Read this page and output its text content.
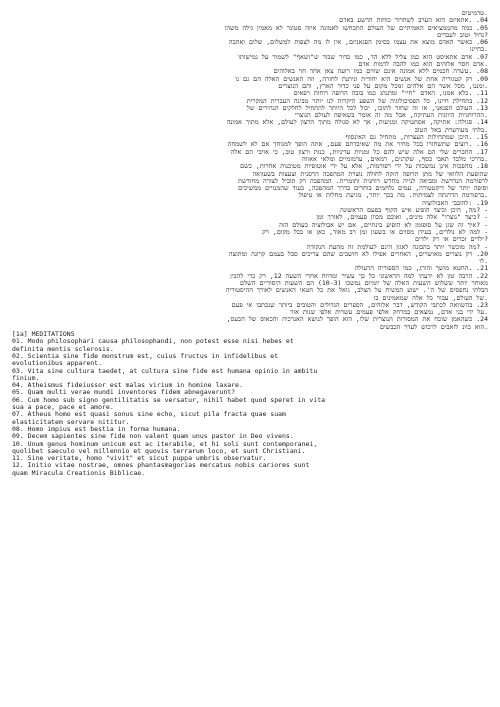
.טרמיטים
04. .אתאיזם הוא הערב לשחרור כוחות הרשע באדם
05. כמה מהממציאים האמיתיים של העולם התכחשו לאמונה איזה סטונר לא מאמין גילה משהו
?גדול וטוב לעברים
06. כאשר האדם מוצא את עצמו בסימן הפגאניזם, אין לו מה לצפות למשלום, שלום ואהבה
.בחיינו
07. אדם אתאיסט הוא כמו צליל ללא הד, כמו כדור שבור ש"ושאף" לשמור על גמישותו
.אדם חסר אלוהים הוא כמו להבה לדמות אדם
08. .עשרה חכמים ללא אמונה אינם שווים כמו רועה צאן אחד חוי באלוהים
09. רק קטגוריה אחת של אנשים היא יחודית וניתנת לחזרה, וזה האנשים האלה הם גם נו
.זמננו, מכל אשר הם אלהים ומכל מקום על פני כדור הארץ, והם הנוצרים
11. .כלא אמנו, האדם "חיי" ומתנהג כמו בובה הרופה רוחות רפאים
12. בתחילת חיינו, כל הפסיכולוגיה של השפע היקרות לנו יותר מבינה העברית המקרית
13. העולם הפגאני, או זה שחזר לתוכו, יכול לכל היותר להתחיל לחלקים הנהירים של
.ההרוחניות היוונית העתיקה, אבל מה זה אומר בשאיפה לעולם הנוצרי
14. סגולה: אתיקה, אסתטיקה ומניעות, אך לא סגולה מתוך הרצון לעולם, אלא מתוך אמונה
.בלתי מעורערת באל הטוב
15. .היכן שמתחילות העצרות, מתחיל גם האינסוף
16. .רוצים שתשחזרו בכל מחיר את מה שאיבדתם פעם, אתה הופך למגוחך אם לא לשמחה
17. החברים שלי הם אלה שיש להם כל זמניות עדיניות, כנות ורצון טוב, כי אויבי הם אלה
.בדרכי מלבד תאבי כסף, שקרנים, רמאים, ערמומיים ומלאי אאווה
18. מהפכות אינן נמשכות על ידי רפורמות, אלא על ידי אוטופיות מטוכנות אחרות, כשם
שהופעת הלוואי של מתן תרופה הזקה לחולה נוצרת המהפכה הרסנית וצעצות בשעוואה
לרפורמה הנדרשת ומביאה לנייה מחדש רוחנית ותומרית. המהפכה רק תוביל לצורה מחודשת
וסופה יותר של דיקטטורה, עמים נלחמים בוחרים בדרך המהפכה, בעוד שהמנזיים ממשיכים
.ברפורמה הדרגתה לצמיתות. מה בכך יותר, מגיעת מחלות או טיפול
19. :להובבי האבולוציה
- ?מה, היכן וכיצד הופיע איש הקוף בפעם הראשונה
- ?כיצד "נוצרו" אלה מינים, ואוכם מכוון פעמים, לאורך זמן
- ?איך זה שגן על סופומן לא הופיע בינתיים, אם יש אבולוציה בעולם הזה
- למה לא נולדים, בעידן מסוים או בשעון זמן רב מאוד, כאן או בכל מקום, רק
?ילדים זכרים או רק ילדים
- ?מה מוכשר יותר בהבונה לאגון הינם לעולמת זה מהעת הנקודה
20. רק נוצרים מאושרים, האחרים אפילו לא חושבים שהם צריכים סבל בעמם קרונה ומתוצה
.לו
21. .החטא מושך והורג, כמו הספוריה הרעולה
22. הרבה זמן לא ידעתי למה הראשוני כל כך עשיר ומדווח אחרי השעה 12, רק כדי להבין
מאוחר יותר ששלוש השעות האלה של יומיום נמשכו (10-3) הם השעות היסודיים השלם
הבלתי נחפסים של ה'. ישוע המשיח על הצלב, גואל את כל חטאי האנשים לאורך ההיסטוריה
.של העולם, עבור כל אלה שמאמינים בו
23. בהשוואה לכתבי הקודש, דבר אלוהים, הספרים הגדולים והטובים ביותר שנכתבו אי פעם
.על ידי בני אדם, נמצאים במרחק אלפי פעמים עשרות אלפי שנות אור
24. כשהאמן שוכח את המסורות הנוצרית שלו, הוא הופך לנושא האנרכיה והכאוס של הכעס,
.הוא כוונ לזאבים לרכוש לעדר הכבשים
[1a] MEDITATIONS
01. Modo philosophari causa philosophandi, non potest esse nisi hebes et
definita mentis sclerosis.
02. Scientia sine fide monstrum est, cuius fructus in infidelibus et
evolutionibus apparent.
03. Vita sine cultura taedet, at cultura sine fide est humana opinio in ambitu
finium.
04. Atheismus fideiussor est malas virium in homine laxare.
05. Quam multi verae mundi inventores fidem abnegaverunt?
06. Cum homo sub signo gentilitatis se versatur, nihil habet quod speret in vita
sua a pace, pace et amore.
07. Atheus homo est quasi sonus sine echo, sicut pila fracta quae suam
elasticitatem servare nititur.
08. Homo impius est bestia in forma humana.
09. Decem sapientes sine fide non valent quam unus pastor in Deo vivens.
10. Unum genus hominum unicum est ac iterabile, et hi soli sunt contemporanei,
quolibet saeculo vel millennio et quovis terrarum loco, et sunt Christiani.
11. Sine veritate, homo "vivit" et sicut puppa umbris observatur.
12. Initio vitae nostrae, omnes phantasmagorias mercatus nobis cariores sunt
quam Miracula Creationis Biblicae.
